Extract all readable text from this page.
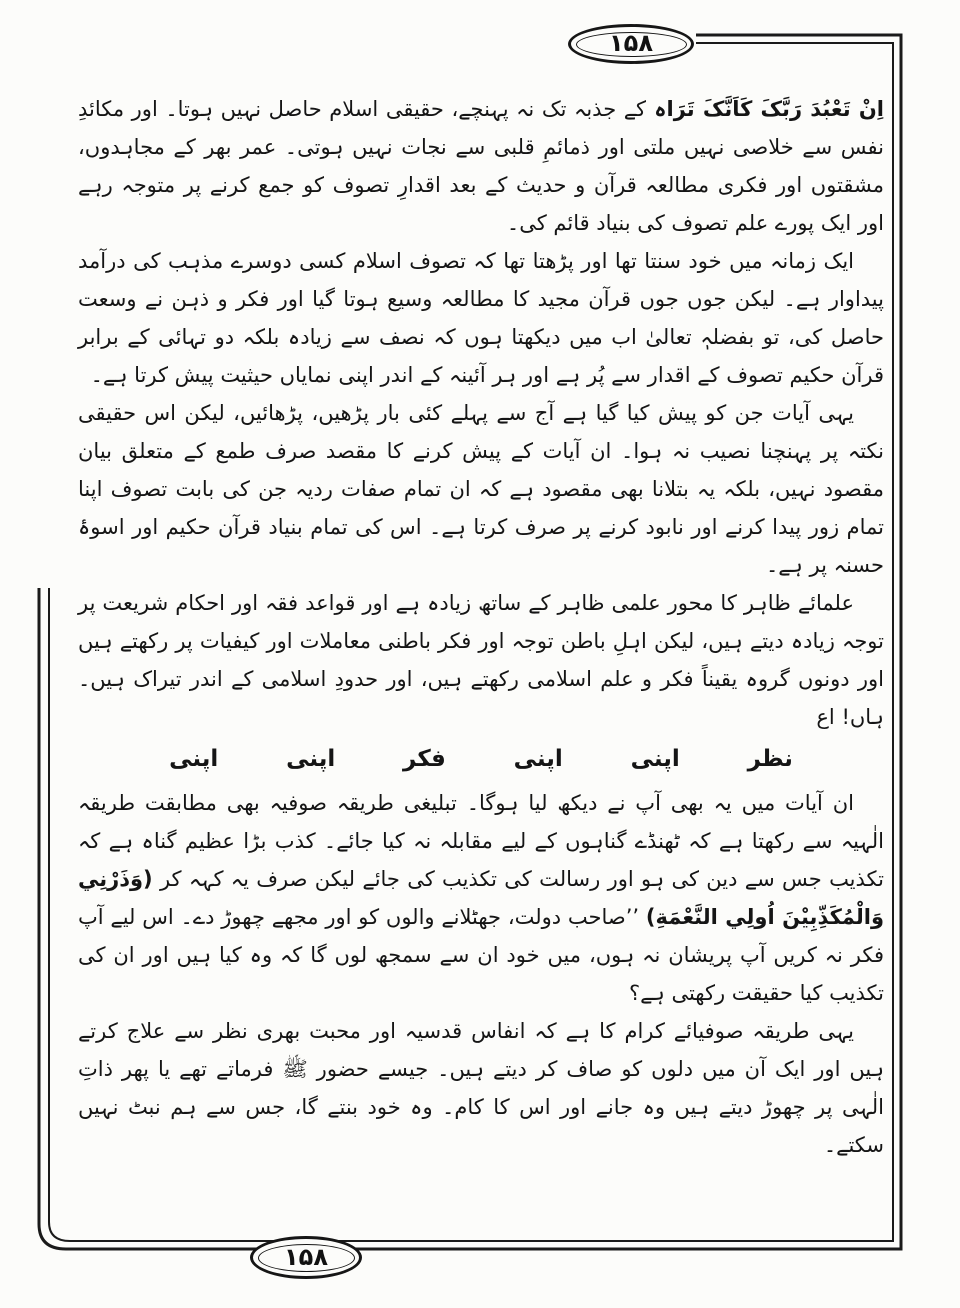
۱۵۸
۱۵۸

اِنْ تَعْبُدَ رَبَّکَ کَاَنَّکَ تَرَاہ کے جذبہ تک نہ پہنچے، حقیقی اسلام حاصل نہیں ہوتا۔ اور مکائدِ نفس سے خلاصی نہیں ملتی اور ذمائمِ قلبی سے نجات نہیں ہوتی۔ عمر بھر کے مجاہدوں، مشقتوں اور فکری مطالعہ قرآن و حدیث کے بعد اقدارِ تصوف کو جمع کرنے پر متوجہ رہے اور ایک پورے علم تصوف کی بنیاد قائم کی۔

ایک زمانہ میں خود سنتا تھا اور پڑھتا تھا کہ تصوف اسلام کسی دوسرے مذہب کی درآمد پیداوار ہے۔ لیکن جوں جوں قرآن مجید کا مطالعہ وسیع ہوتا گیا اور فکر و ذہن نے وسعت حاصل کی، تو بفضلہٖ تعالیٰ اب میں دیکھتا ہوں کہ نصف سے زیادہ بلکہ دو تہائی کے برابر قرآن حکیم تصوف کے اقدار سے پُر ہے اور ہر آئینہ کے اندر اپنی نمایاں حیثیت پیش کرتا ہے۔

یہی آیات جن کو پیش کیا گیا ہے آج سے پہلے کئی بار پڑھیں، پڑھائیں، لیکن اس حقیقی نکتہ پر پہنچنا نصیب نہ ہوا۔ ان آیات کے پیش کرنے کا مقصد صرف طمع کے متعلق بیان مقصود نہیں، بلکہ یہ بتلانا بھی مقصود ہے کہ ان تمام صفات ردیہ جن کی بابت تصوف اپنا تمام زور پیدا کرنے اور نابود کرنے پر صرف کرتا ہے۔ اس کی تمام بنیاد قرآن حکیم اور اسوۂ حسنہ پر ہے۔

علمائے ظاہر کا محور علمی ظاہر کے ساتھ زیادہ ہے اور قواعد فقہ اور احکام شریعت پر توجہ زیادہ دیتے ہیں، لیکن اہلِ باطن توجہ اور فکر باطنی معاملات اور کیفیات پر رکھتے ہیں اور دونوں گروہ یقیناً فکر و علم اسلامی رکھتے ہیں، اور حدودِ اسلامی کے اندر تیراک ہیں۔ ہاں! اع

نظر اپنی اپنی فکر اپنی اپنی

ان آیات میں یہ بھی آپ نے دیکھ لیا ہوگا۔ تبلیغی طریقہ صوفیہ بھی مطابقت طریقہ الٰہیہ سے رکھتا ہے کہ ٹھنڈے گناہوں کے لیے مقابلہ نہ کیا جائے۔ کذب بڑا عظیم گناہ ہے کہ تکذیب جس سے دین کی ہو اور رسالت کی تکذیب کی جائے لیکن صرف یہ کہہ کر (وَذَرْنِي وَالْمُکَذِّبِيْنَ اُولِي النَّعْمَةِ) ’’صاحب دولت، جھٹلانے والوں کو اور مجھے چھوڑ دے۔ اس لیے آپ فکر نہ کریں آپ پریشان نہ ہوں، میں خود ان سے سمجھ لوں گا کہ وہ کیا ہیں اور ان کی تکذیب کیا حقیقت رکھتی ہے؟

یہی طریقہ صوفیائے کرام کا ہے کہ انفاس قدسیہ اور محبت بھری نظر سے علاج کرتے ہیں اور ایک آن میں دلوں کو صاف کر دیتے ہیں۔ جیسے حضور ﷺ فرماتے تھے یا پھر ذاتِ الٰہی پر چھوڑ دیتے ہیں وہ جانے اور اس کا کام۔ وہ خود بنتے گا، جس سے ہم نبٹ نہیں سکتے۔
